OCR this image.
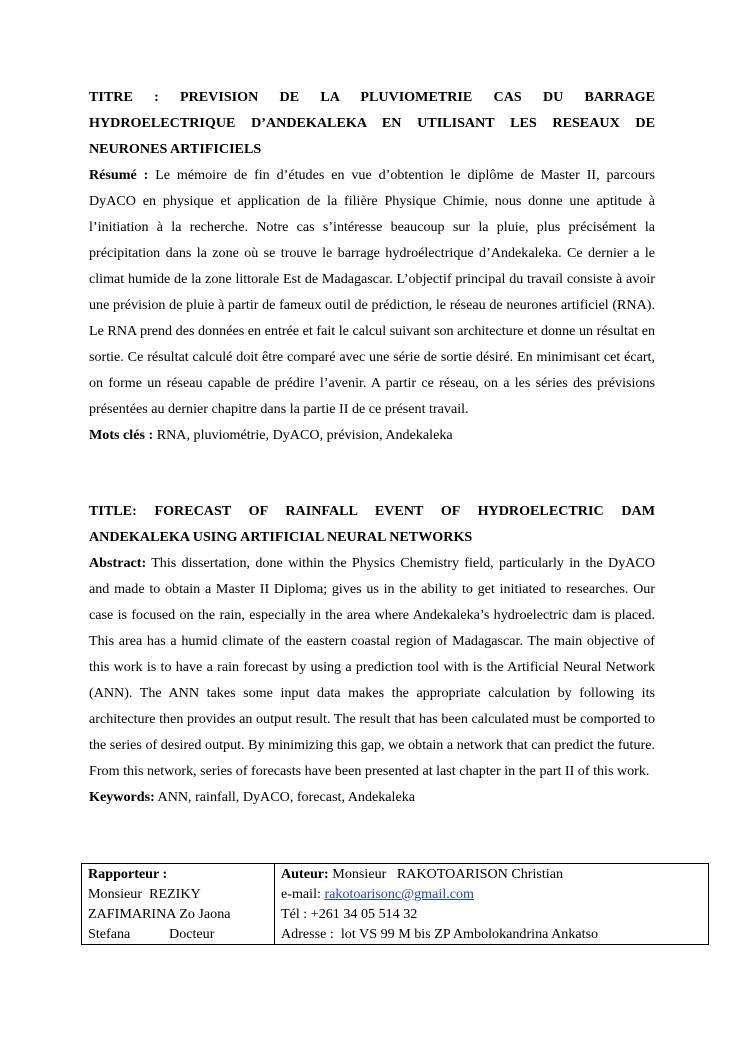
TITRE : PREVISION DE LA PLUVIOMETRIE CAS DU BARRAGE HYDROELECTRIQUE D’ANDEKALEKA EN UTILISANT LES RESEAUX DE NEURONES ARTIFICIELS

Résumé : Le mémoire de fin d’études en vue d’obtention le diplôme de Master II, parcours DyACO en physique et application de la filière Physique Chimie, nous donne une aptitude à l’initiation à la recherche. Notre cas s’intéresse beaucoup sur la pluie, plus précisément la précipitation dans la zone où se trouve le barrage hydroélectrique d’Andekaleka. Ce dernier a le climat humide de la zone littorale Est de Madagascar. L’objectif principal du travail consiste à avoir une prévision de pluie à partir de fameux outil de prédiction, le réseau de neurones artificiel (RNA). Le RNA prend des données en entrée et fait le calcul suivant son architecture et donne un résultat en sortie. Ce résultat calculé doit être comparé avec une série de sortie désiré. En minimisant cet écart, on forme un réseau capable de prédire l’avenir. A partir ce réseau, on a les séries des prévisions présentées au dernier chapitre dans la partie II de ce présent travail.

Mots clés : RNA, pluviométrie, DyACO, prévision, Andekaleka

TITLE: FORECAST OF RAINFALL EVENT OF HYDROELECTRIC DAM ANDEKALEKA USING ARTIFICIAL NEURAL NETWORKS

Abstract: This dissertation, done within the Physics Chemistry field, particularly in the DyACO and made to obtain a Master II Diploma; gives us in the ability to get initiated to researches. Our case is focused on the rain, especially in the area where Andekaleka’s hydroelectric dam is placed. This area has a humid climate of the eastern coastal region of Madagascar. The main objective of this work is to have a rain forecast by using a prediction tool with is the Artificial Neural Network (ANN). The ANN takes some input data makes the appropriate calculation by following its architecture then provides an output result. The result that has been calculated must be comported to the series of desired output. By minimizing this gap, we obtain a network that can predict the future. From this network, series of forecasts have been presented at last chapter in the part II of this work.

Keywords: ANN, rainfall, DyACO, forecast, Andekaleka

Rapporteur :
Monsieur  REZIKY
ZAFIMARINA Zo Jaona
Stefana           Docteur

Auteur: Monsieur   RAKOTOARISON Christian
e-mail: rakotoarisonc@gmail.com
Tél : +261 34 05 514 32
Adresse :  lot VS 99 M bis ZP Ambolokandrina Ankatso
